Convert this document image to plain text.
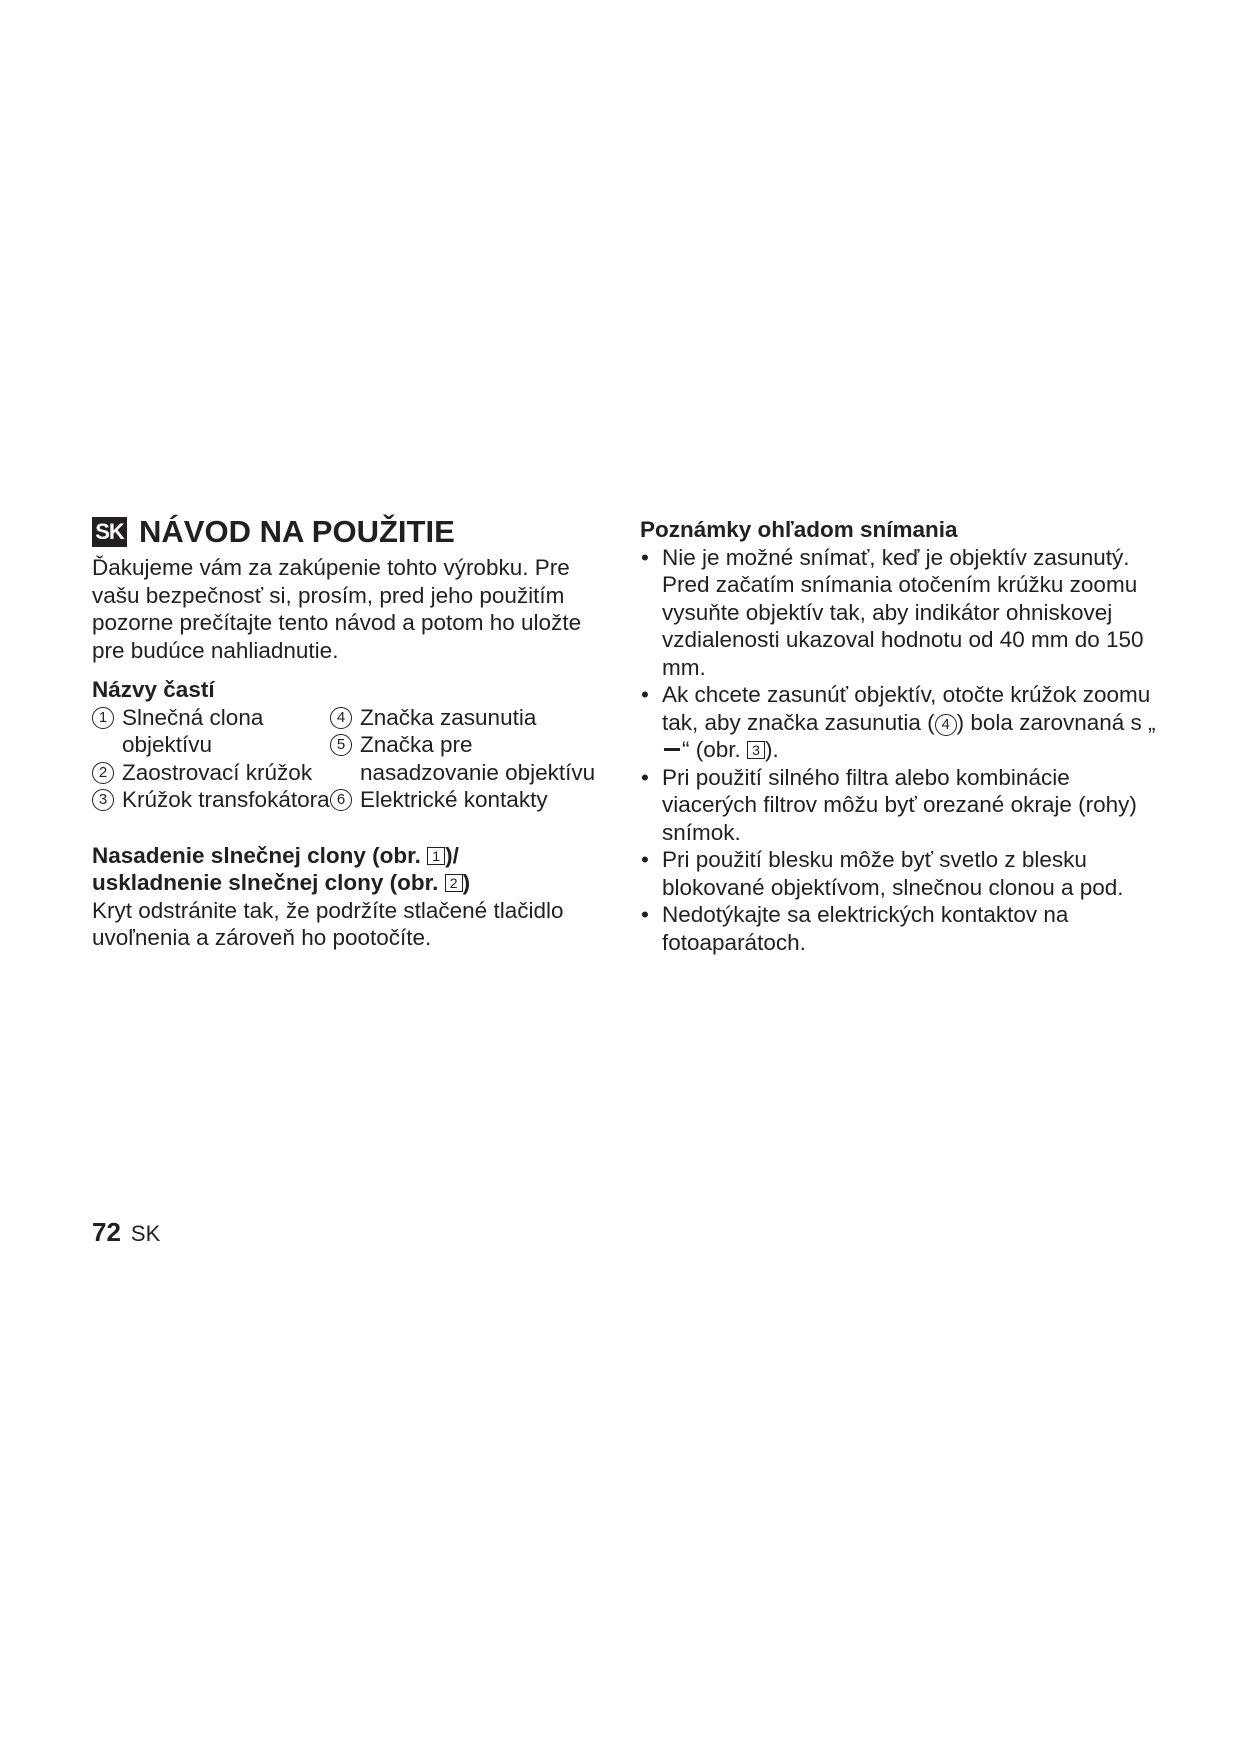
SK NÁVOD NA POUŽITIE

Ďakujeme vám za zakúpenie tohto výrobku. Pre vašu bezpečnosť si, prosím, pred jeho použitím pozorne prečítajte tento návod a potom ho uložte pre budúce nahliadnutie.

Názvy častí

1 Slnečná clona objektívu
2 Zaostrovací krúžok
3 Krúžok transfokátora
4 Značka zasunutia
5 Značka pre nasadzovanie objektívu
6 Elektrické kontakty

Nasadenie slnečnej clony (obr. 1 )/

uskladnenie slnečnej clony (obr. 2 )

Kryt odstránite tak, že podržíte stlačené tlačidlo uvoľnenia a zároveň ho pootočíte.

Poznámky ohľadom snímania

• Nie je možné snímať, keď je objektív zasunutý. Pred začatím snímania otočením krúžku zoomu vysuňte objektív tak, aby indikátor ohniskovej vzdialenosti ukazoval hodnotu od 40 mm do 150 mm.
• Ak chcete zasunúť objektív, otočte krúžok zoomu tak, aby značka zasunutia ( 4 ) bola zarovnaná s „“ (obr. 3 ).
• Pri použití silného filtra alebo kombinácie viacerých filtrov môžu byť orezané okraje (rohy) snímok.
• Pri použití blesku môže byť svetlo z blesku blokované objektívom, slnečnou clonou a pod.
• Nedotýkajte sa elektrických kontaktov na fotoaparátoch.
72 SK
